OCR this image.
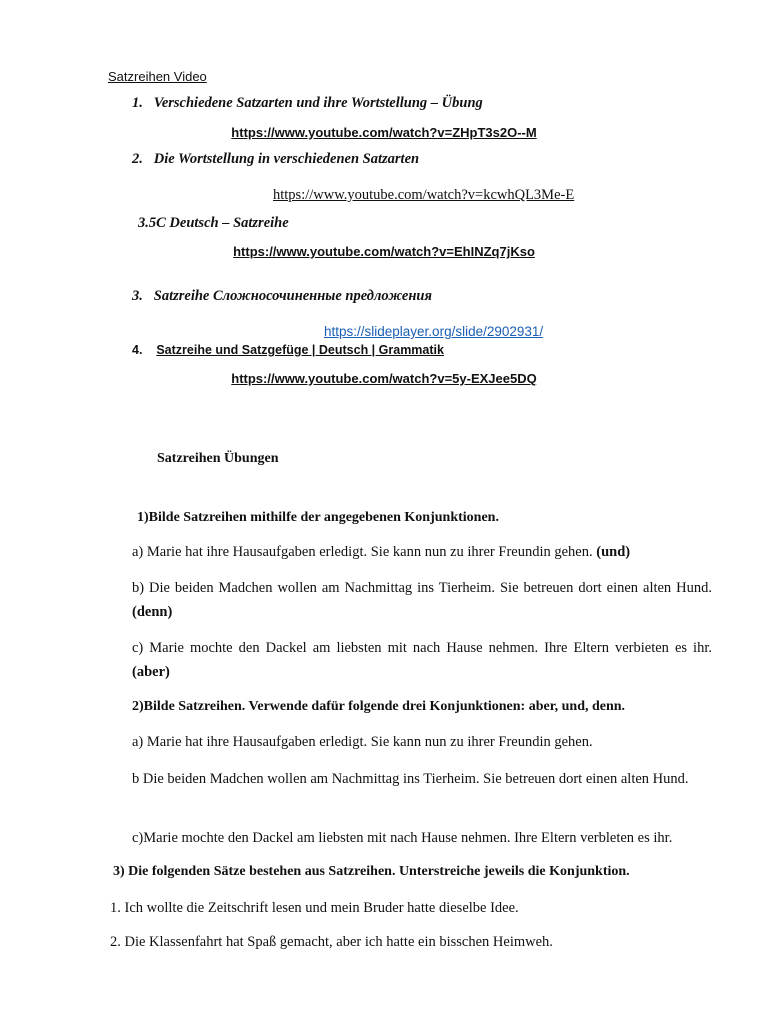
Satzreihen Video
1. Verschiedene Satzarten und ihre Wortstellung – Übung
https://www.youtube.com/watch?v=ZHpT3s2O--M
2. Die Wortstellung in verschiedenen Satzarten
https://www.youtube.com/watch?v=kcwhQL3Me-E
3.5C Deutsch – Satzreihe
https://www.youtube.com/watch?v=EhINZq7jKso
3. Satzreihe Сложносочиненные предложения
https://slideplayer.org/slide/2902931/
4. Satzreihe und Satzgefüge | Deutsch | Grammatik
https://www.youtube.com/watch?v=5y-EXJee5DQ
Satzreihen Übungen
1)Bilde Satzreihen mithilfe der angegebenen Konjunktionen.
a) Marie hat ihre Hausaufgaben erledigt. Sie kann nun zu ihrer Freundin gehen. (und)
b) Die beiden Madchen wollen am Nachmittag ins Tierheim. Sie betreuen dort einen alten Hund. (denn)
c) Marie mochte den Dackel am liebsten mit nach Hause nehmen. Ihre Eltern verbieten es ihr. (aber)
2)Bilde Satzreihen. Verwende dafür folgende drei Konjunktionen: aber, und, denn.
a) Marie hat ihre Hausaufgaben erledigt. Sie kann nun zu ihrer Freundin gehen.
b Die beiden Madchen wollen am Nachmittag ins Tierheim. Sie betreuen dort einen alten Hund.
c)Marie mochte den Dackel am liebsten mit nach Hause nehmen. Ihre Eltern verbleten es ihr.
3) Die folgenden Sätze bestehen aus Satzreihen. Unterstreiche jeweils die Konjunktion.
1. Ich wollte die Zeitschrift lesen und mein Bruder hatte dieselbe Idee.
2. Die Klassenfahrt hat Spaß gemacht, aber ich hatte ein bisschen Heimweh.
